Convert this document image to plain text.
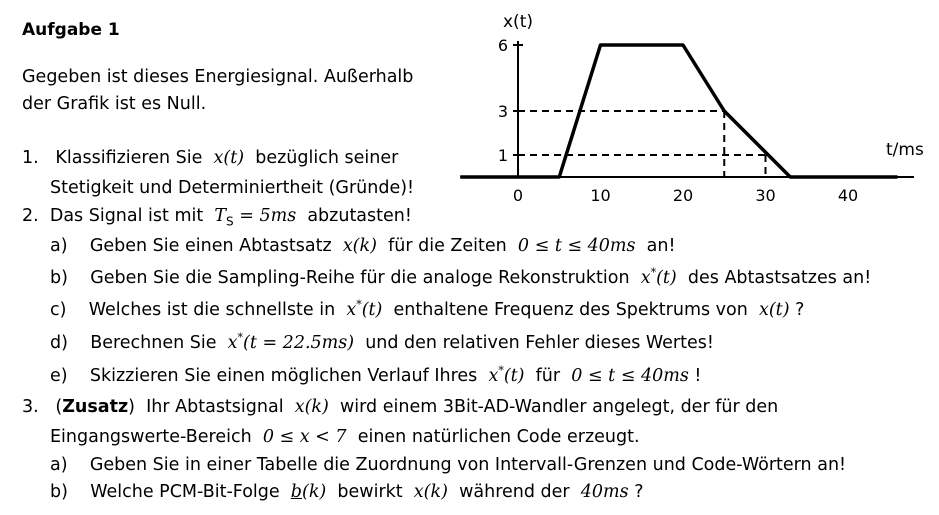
Aufgabe 1
Gegeben ist dieses Energiesignal. Außerhalb
der Grafik ist es Null.
1. Klassifizieren Sie x(t) bezüglich seiner
Stetigkeit und Determiniertheit (Gründe)!
2. Das Signal ist mit $T_S = 5ms$ abzutasten!
a) Geben Sie einen Abtastsatz x(k) für die Zeiten 0 ≤ t ≤ 40ms an!
b) Geben Sie die Sampling-Reihe für die analoge Rekonstruktion x*(t) des Abtastsatzes an!
c) Welches ist die schnellste in x*(t) enthaltene Frequenz des Spektrums von x(t) ?
d) Berechnen Sie x*(t = 22.5ms) und den relativen Fehler dieses Wertes!
e) Skizzieren Sie einen möglichen Verlauf Ihres x*(t) für 0 ≤ t ≤ 40ms !
3. (Zusatz) Ihr Abtastsignal x(k) wird einem 3Bit-AD-Wandler angelegt, der für den
Eingangswerte-Bereich 0 ≤ x < 7 einen natürlichen Code erzeugt.
a) Geben Sie in einer Tabelle die Zuordnung von Intervall-Grenzen und Code-Wörtern an!
b) Welche PCM-Bit-Folge b(k) bewirkt x(k) während der 40ms ?
x(t)
t/ms
1
3
6
0	10	20	30	40
